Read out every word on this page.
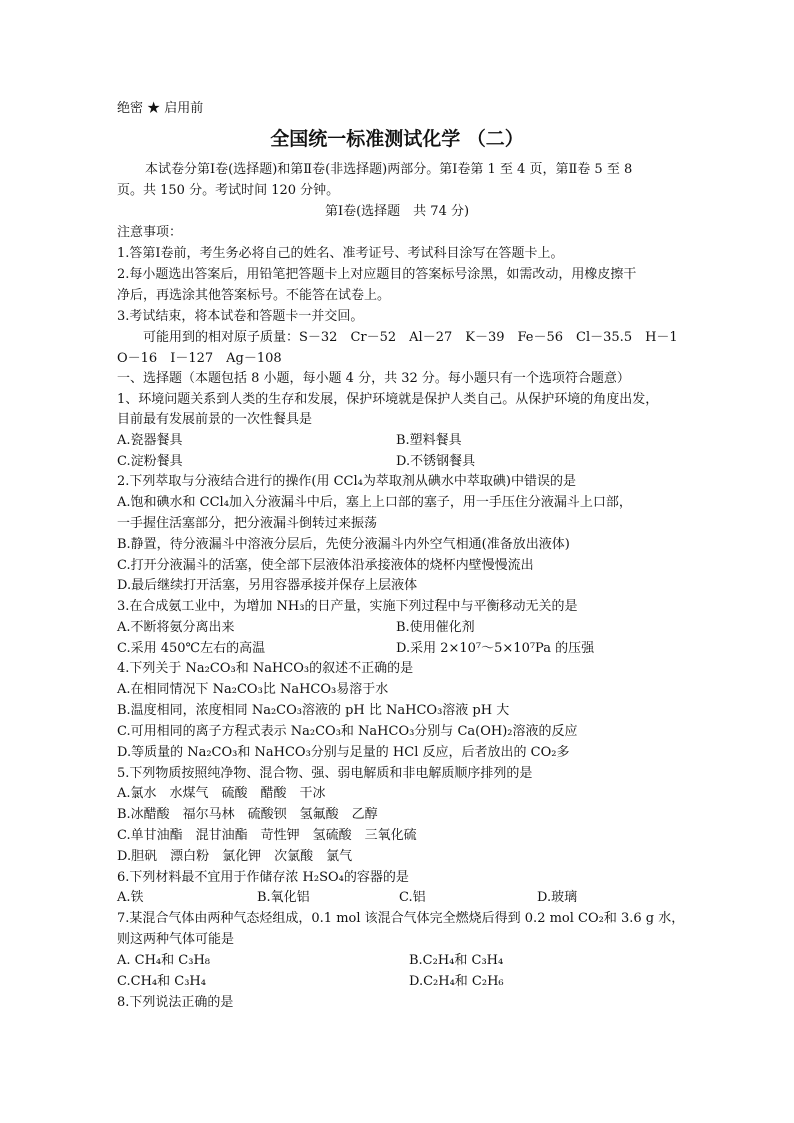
绝密 ★ 启用前
全国统一标准测试化学 （二）
本试卷分第Ⅰ卷(选择题)和第Ⅱ卷(非选择题)两部分。第Ⅰ卷第 1 至 4 页，第Ⅱ卷 5 至 8
页。共 150 分。考试时间 120 分钟。
第Ⅰ卷(选择题　共 74 分)
注意事项：
1.答第Ⅰ卷前，考生务必将自己的姓名、准考证号、考试科目涂写在答题卡上。
2.每小题选出答案后，用铅笔把答题卡上对应题目的答案标号涂黑，如需改动，用橡皮擦干
净后，再选涂其他答案标号。不能答在试卷上。
3.考试结束，将本试卷和答题卡一并交回。
　　可能用到的相对原子质量：S－32　Cr－52　Al－27　K－39　Fe－56　Cl－35.5　H－1
O－16　I－127　Ag－108
一、选择题（本题包括 8 小题，每小题 4 分，共 32 分。每小题只有一个选项符合题意）
1、环境问题关系到人类的生存和发展，保护环境就是保护人类自己。从保护环境的角度出发，
目前最有发展前景的一次性餐具是
A.瓷器餐具	B.塑料餐具
C.淀粉餐具	D.不锈钢餐具
2.下列萃取与分液结合进行的操作(用 CCl₄为萃取剂从碘水中萃取碘)中错误的是
A.饱和碘水和 CCl₄加入分液漏斗中后，塞上上口部的塞子，用一手压住分液漏斗上口部，
一手握住活塞部分，把分液漏斗倒转过来振荡
B.静置，待分液漏斗中溶液分层后，先使分液漏斗内外空气相通(准备放出液体)
C.打开分液漏斗的活塞，使全部下层液体沿承接液体的烧杯内壁慢慢流出
D.最后继续打开活塞，另用容器承接并保存上层液体
3.在合成氨工业中，为增加 NH₃的日产量，实施下列过程中与平衡移动无关的是
A.不断将氨分离出来	B.使用催化剂
C.采用 450℃左右的高温	D.采用 2×10⁷～5×10⁷Pa 的压强
4.下列关于 Na₂CO₃和 NaHCO₃的叙述不正确的是
A.在相同情况下 Na₂CO₃比 NaHCO₃易溶于水
B.温度相同，浓度相同 Na₂CO₃溶液的 pH 比 NaHCO₃溶液 pH 大
C.可用相同的离子方程式表示 Na₂CO₃和 NaHCO₃分别与 Ca(OH)₂溶液的反应
D.等质量的 Na₂CO₃和 NaHCO₃分别与足量的 HCl 反应，后者放出的 CO₂多
5.下列物质按照纯净物、混合物、强、弱电解质和非电解质顺序排列的是
A.氯水　水煤气　硫酸　醋酸　干冰
B.冰醋酸　福尔马林　硫酸钡　氢氟酸　乙醇
C.单甘油酯　混甘油酯　苛性钾　氢硫酸　三氧化硫
D.胆矾　漂白粉　氯化钾　次氯酸　氯气
6.下列材料最不宜用于作储存浓 H₂SO₄的容器的是
A.铁	B.氧化铝	C.铝	D.玻璃
7.某混合气体由两种气态烃组成，0.1 mol 该混合气体完全燃烧后得到 0.2 mol CO₂和 3.6 g 水，
则这两种气体可能是
A. CH₄和 C₃H₈	B.C₂H₄和 C₃H₄
C.CH₄和 C₃H₄	D.C₂H₄和 C₂H₆
8.下列说法正确的是
